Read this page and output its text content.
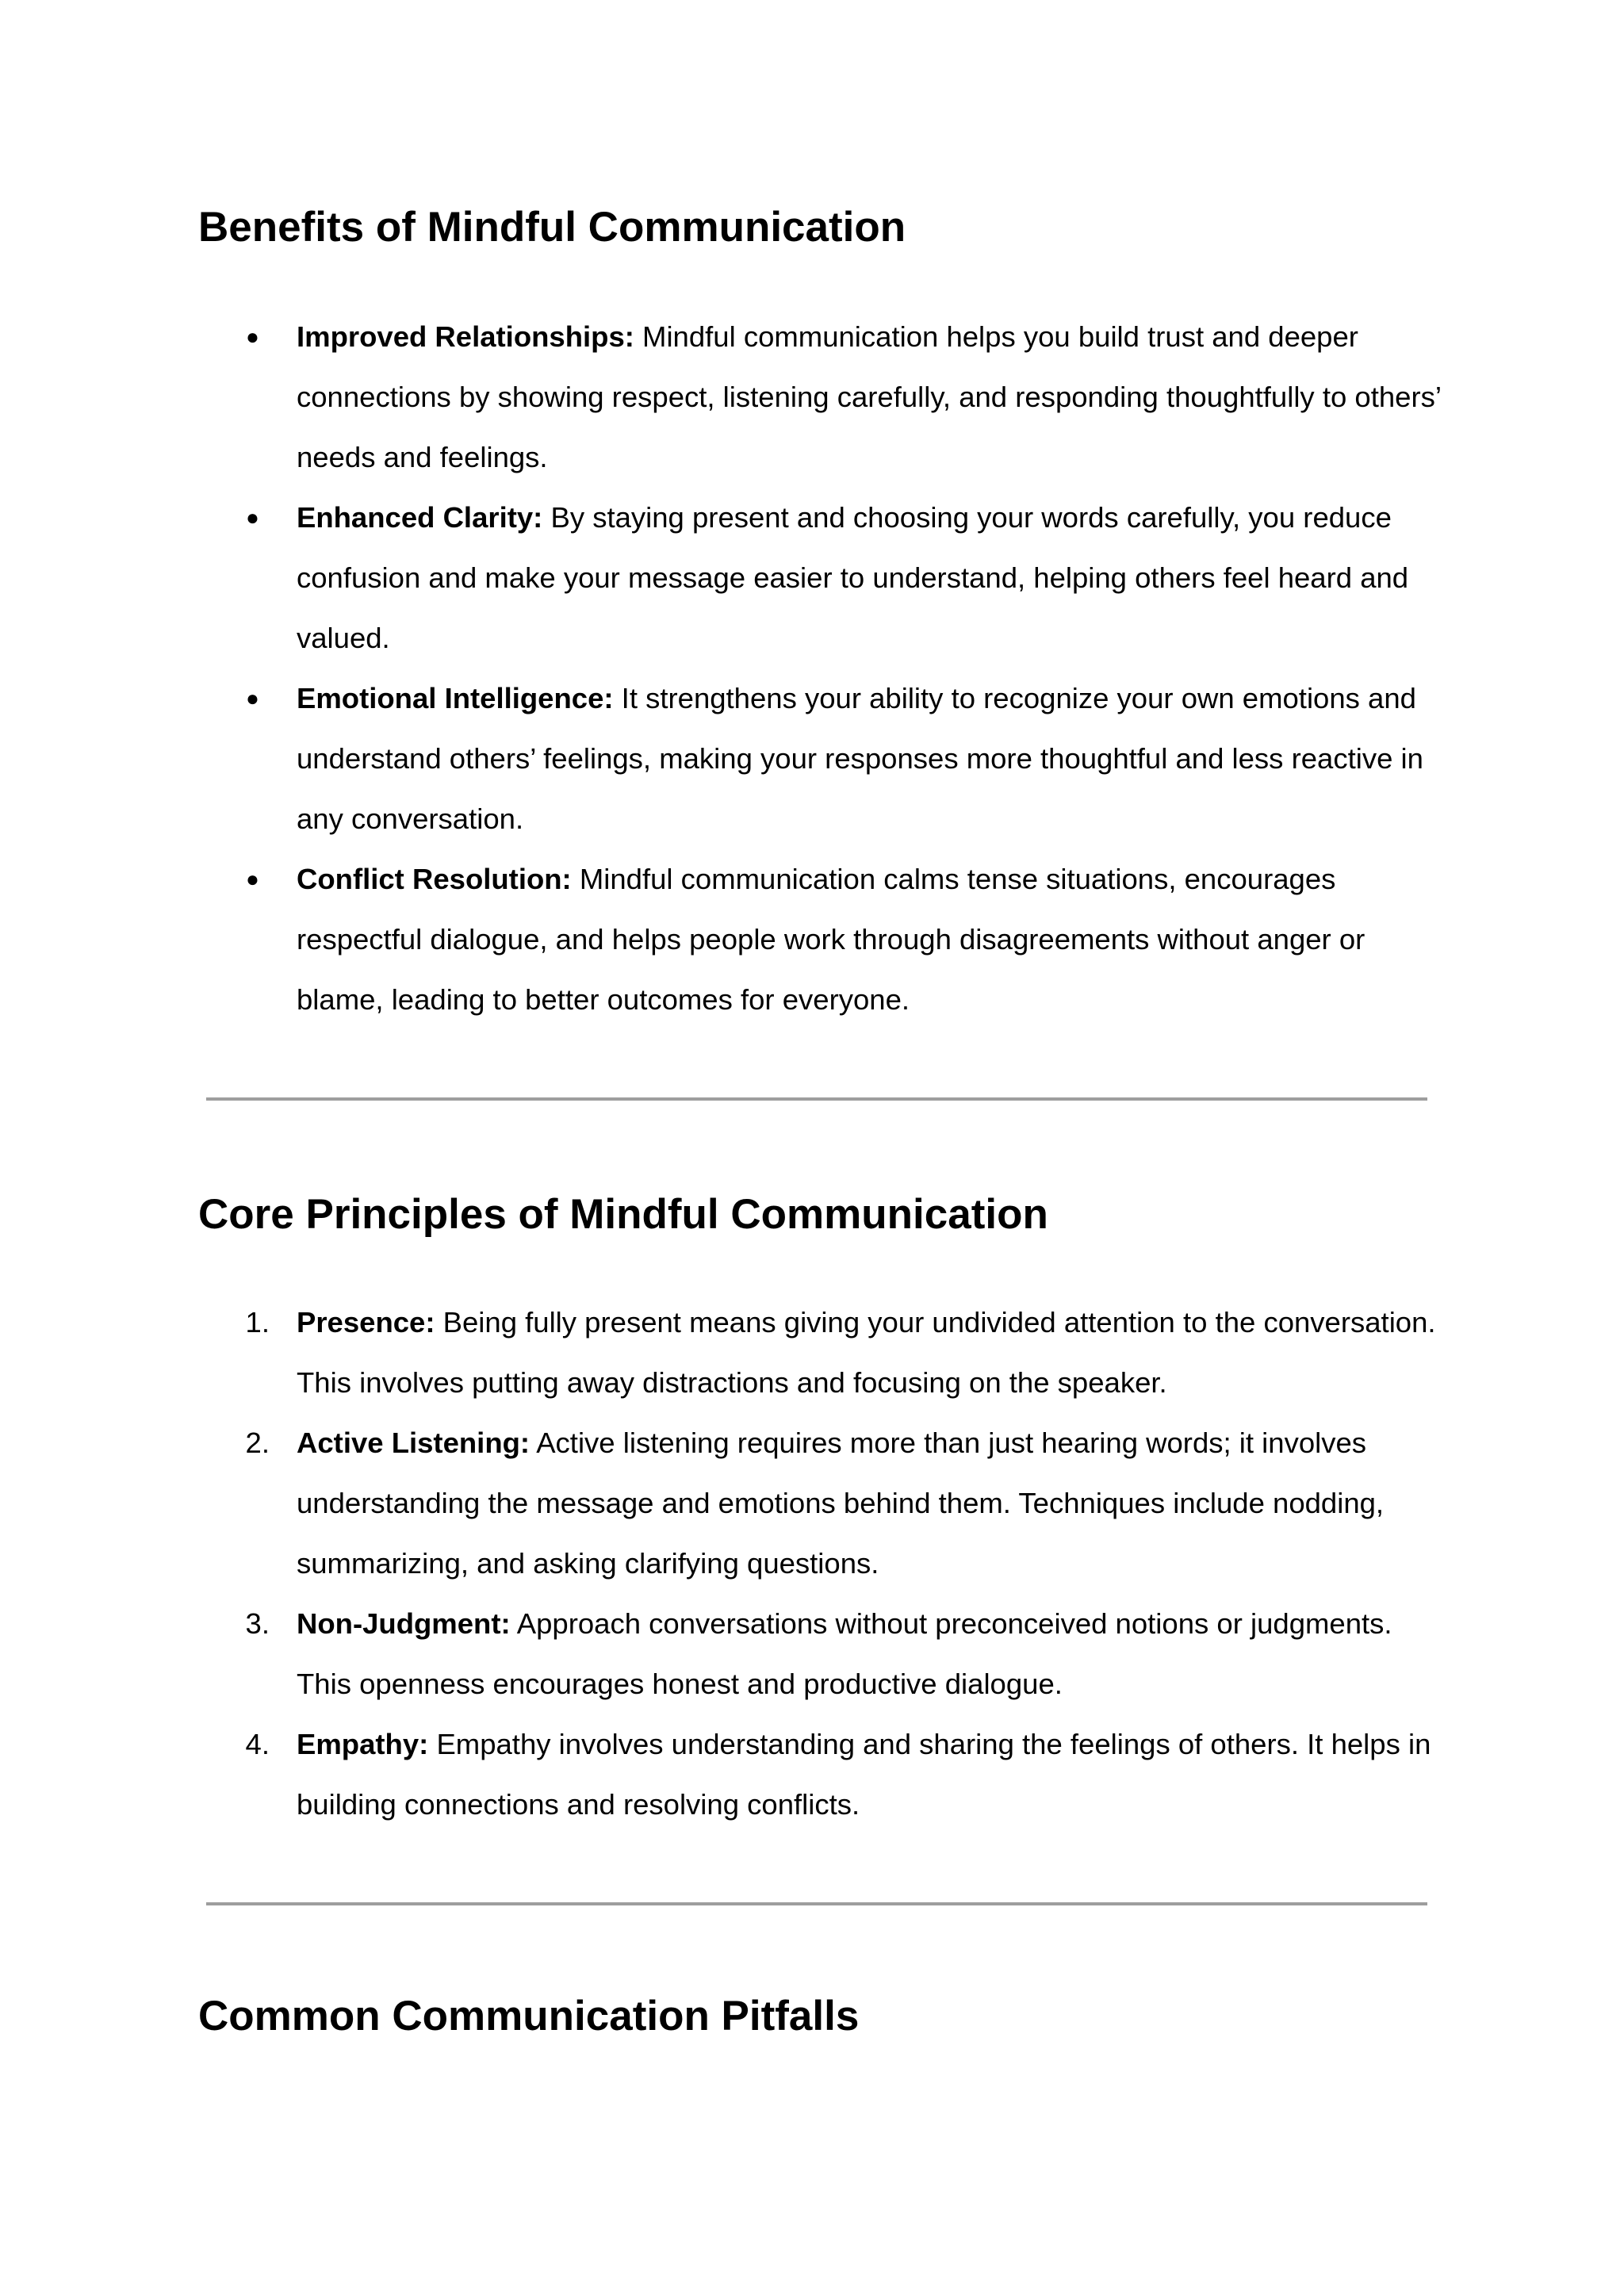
Benefits of Mindful Communication
● Improved Relationships: Mindful communication helps you build trust and deeper connections by showing respect, listening carefully, and responding thoughtfully to others’ needs and feelings.
● Enhanced Clarity: By staying present and choosing your words carefully, you reduce confusion and make your message easier to understand, helping others feel heard and valued.
● Emotional Intelligence: It strengthens your ability to recognize your own emotions and understand others’ feelings, making your responses more thoughtful and less reactive in any conversation.
● Conflict Resolution: Mindful communication calms tense situations, encourages respectful dialogue, and helps people work through disagreements without anger or blame, leading to better outcomes for everyone.
Core Principles of Mindful Communication
1. Presence: Being fully present means giving your undivided attention to the conversation. This involves putting away distractions and focusing on the speaker.
2. Active Listening: Active listening requires more than just hearing words; it involves understanding the message and emotions behind them. Techniques include nodding, summarizing, and asking clarifying questions.
3. Non-Judgment: Approach conversations without preconceived notions or judgments. This openness encourages honest and productive dialogue.
4. Empathy: Empathy involves understanding and sharing the feelings of others. It helps in building connections and resolving conflicts.
Common Communication Pitfalls
